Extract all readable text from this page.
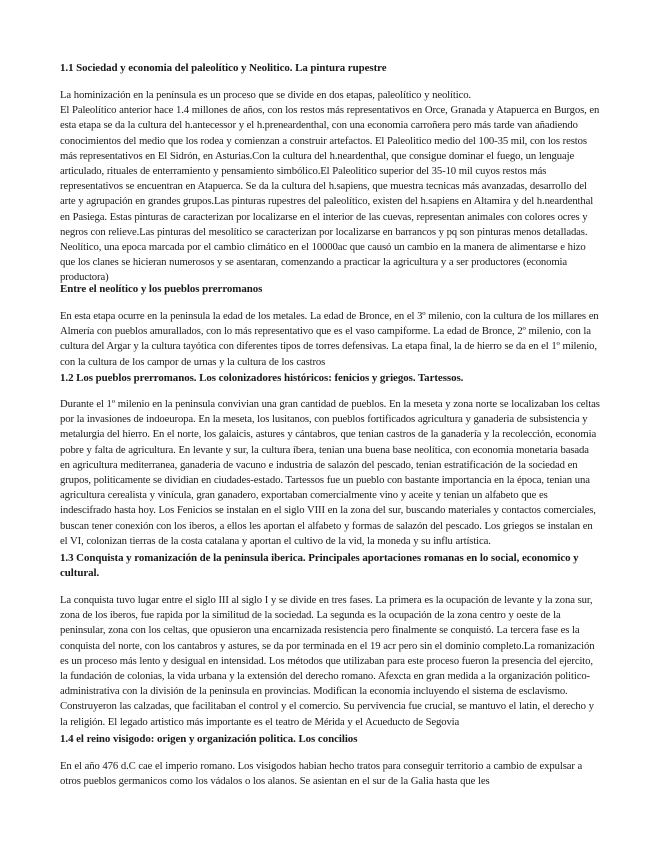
1.1 Sociedad y economia del paleolítico y Neolitico. La pintura rupestre

La hominización en la península es un proceso que se divide en dos etapas, paleolítico y neolítico.

El Paleolítico anterior hace 1.4 millones de años, con los restos más representativos en Orce, Granada y Atapuerca en Burgos, en esta etapa se da la cultura del h.antecessor y el h.preneardenthal, con una economia carroñera pero más tarde van añadiendo conocimientos del medio que los rodea y comienzan a construir artefactos. El Paleolitico medio del 100-35 mil, con los restos más representativos en El Sidrón, en Asturias.Con la cultura del h.neardenthal, que consigue dominar el fuego, un lenguaje articulado, rituales de enterramiento y pensamiento simbólico.El Paleolitico superior del 35-10 mil cuyos restos más representativos se encuentran en Atapuerca. Se da la cultura del h.sapiens, que muestra tecnicas más avanzadas, desarrollo del arte y agrupación en grandes grupos.Las pinturas rupestres del paleolítico, existen del h.sapiens en Altamira y del h.neardenthal en Pasiega. Estas pinturas de caracterizan por localizarse en el interior de las cuevas, representan animales con colores ocres y negros con relieve.Las pinturas del mesolítico se caracterizan por localizarse en barrancos y pq son pinturas menos detalladas. Neolítico, una epoca marcada por el cambio climático en el 10000ac que causó un cambio en la manera de alimentarse e hizo que los clanes se hicieran numerosos y se asentaran, comenzando a practicar la agricultura y a ser productores (economia productora)

Entre el neolítico y los pueblos prerromanos

En esta etapa ocurre en la peninsula la edad de los metales. La edad de Bronce, en el 3º milenio, con la cultura de los millares en Almería con pueblos amurallados, con lo más representativo que es el vaso campiforme. La edad de Bronce, 2º milenio, con la cultura del Argar y la cultura tayótica con diferentes tipos de torres defensivas. La etapa final, la de hierro se da en el 1º milenio, con la cultura de los campor de urnas y la cultura de los castros

1.2 Los pueblos prerromanos. Los colonizadores históricos: fenicios y griegos. Tartessos.

Durante el 1º milenio en la peninsula convivian una gran cantidad de pueblos. En la meseta y zona norte se localizaban los celtas por la invasiones de indoeuropa. En la meseta, los lusitanos, con pueblos fortificados agricultura y ganaderia de subsistencia y metalurgia del hierro. En el norte, los galaicis, astures y cántabros, que tenian castros de la ganadería y la recolección, economia pobre y falta de agricultura. En levante y sur, la cultura íbera, tenian una buena base neolítica, con economia monetaria basada en agricultura mediterranea, ganaderia de vacuno e industria de salazón del pescado, tenian estratificación de la sociedad en grupos, politicamente se dividian en ciudades-estado. Tartessos fue un pueblo con bastante importancia en la época, tenian una agricultura cerealista y vinícula, gran ganadero, exportaban comercialmente vino y aceite y tenian un alfabeto que es indescifrado hasta hoy. Los Fenicios se instalan en el siglo VIII en la zona del sur, buscando materiales y contactos comerciales, buscan tener conexión con los iberos, a ellos les aportan el alfabeto y formas de salazón del pescado. Los griegos se instalan en el VI, colonizan tierras de la costa catalana y aportan el cultivo de la vid, la moneda y su influ artística.

1.3 Conquista y romanización de la peninsula iberica. Principales aportaciones romanas en lo social, economico y cultural.

La conquista tuvo lugar entre el siglo III al siglo I y se divide en tres fases. La primera es la ocupación de levante y la zona sur, zona de los iberos, fue rapida por la similitud de la sociedad. La segunda es la ocupación de la zona centro y oeste de la peninsular, zona con los celtas, que opusieron una encarnizada resistencia pero finalmente se conquistó. La tercera fase es la conquista del norte, con los cantabros y astures, se da por terminada en el 19 acr pero sin el dominio completo.La romanización es un proceso más lento y desigual en intensidad. Los métodos que utilizaban para este proceso fueron la presencia del ejercito, la fundación de colonias, la vida urbana y la extensión del derecho romano. Afexcta en gran medida a la organización politico-administrativa con la división de la peninsula en provincias. Modifican la economia incluyendo el sistema de esclavismo. Construyeron las calzadas, que facilitaban el control y el comercio. Su pervivencia fue crucial, se mantuvo el latin, el derecho y la religión. El legado artistico más importante es el teatro de Mérida y el Acueducto de Segovia

1.4 el reino visigodo: origen y organización politica. Los concilios

En el año 476 d.C cae el imperio romano. Los visigodos habian hecho tratos para conseguir territorio a cambio de expulsar a otros pueblos germanicos como los vádalos o los alanos. Se asientan en el sur de la Galia hasta que les
